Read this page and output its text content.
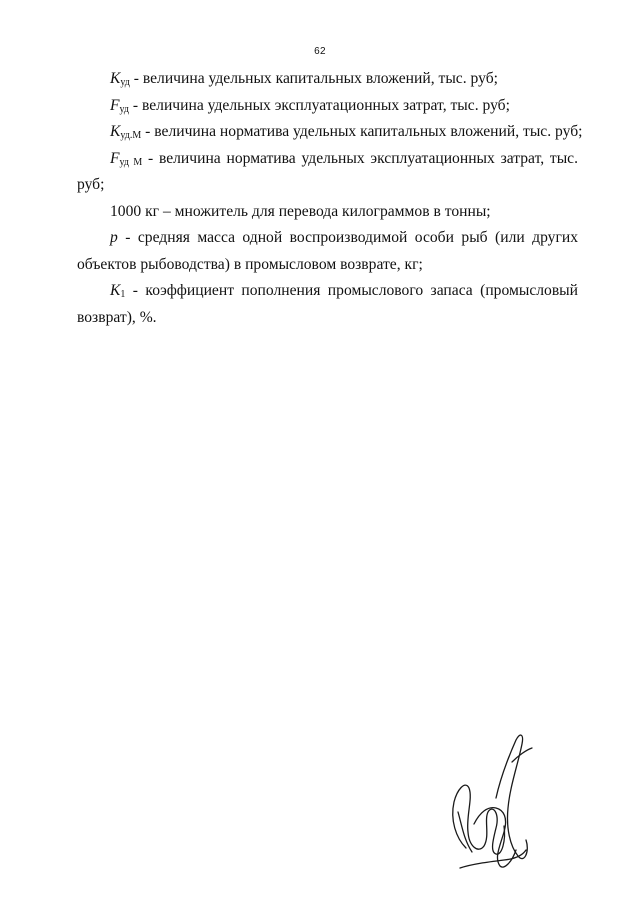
62

$K_{уд}$ - величина удельных капитальных вложений, тыс. руб;

$F_{уд}$ - величина удельных эксплуатационных затрат, тыс. руб;

$K_{уд.М}$ - величина норматива удельных капитальных вложений, тыс. руб;

$F_{уд М}$ - величина норматива удельных эксплуатационных затрат, тыс. руб;

1000 кг – множитель для перевода килограммов в тонны;

p - средняя масса одной воспроизводимой особи рыб (или других объектов рыбоводства) в промысловом возврате, кг;

$K_1$ - коэффициент пополнения промыслового запаса (промысловый возврат), %.
